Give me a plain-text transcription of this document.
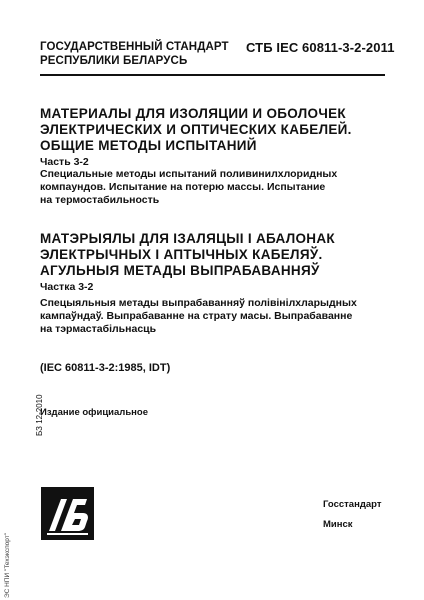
ГОСУДАРСТВЕННЫЙ СТАНДАРТ
РЕСПУБЛИКИ БЕЛАРУСЬ
СТБ IEC 60811-3-2-2011
МАТЕРИАЛЫ ДЛЯ ИЗОЛЯЦИИ И ОБОЛОЧЕК
ЭЛЕКТРИЧЕСКИХ И ОПТИЧЕСКИХ КАБЕЛЕЙ.
ОБЩИЕ МЕТОДЫ ИСПЫТАНИЙ
Часть 3-2
Специальные методы испытаний поливинилхлоридных
компаундов. Испытание на потерю массы. Испытание
на термостабильность
МАТЭРЫЯЛЫ ДЛЯ ІЗАЛЯЦЫІ І АБАЛОНАК
ЭЛЕКТРЫЧНЫХ І АПТЫЧНЫХ КАБЕЛЯЎ.
АГУЛЬНЫЯ МЕТАДЫ ВЫПРАБАВАННЯЎ
Частка 3-2
Спецыяльныя метады выпрабаванняў полівінілхларыдных
кампаўндаў. Выпрабаванне на страту масы. Выпрабаванне
на тэрмастабільнасць
(IEC 60811-3-2:1985, IDT)
Издание официальное
БЗ 12-2010
ЭС НПИ "Техэкспорт"
Госстандарт
Минск
